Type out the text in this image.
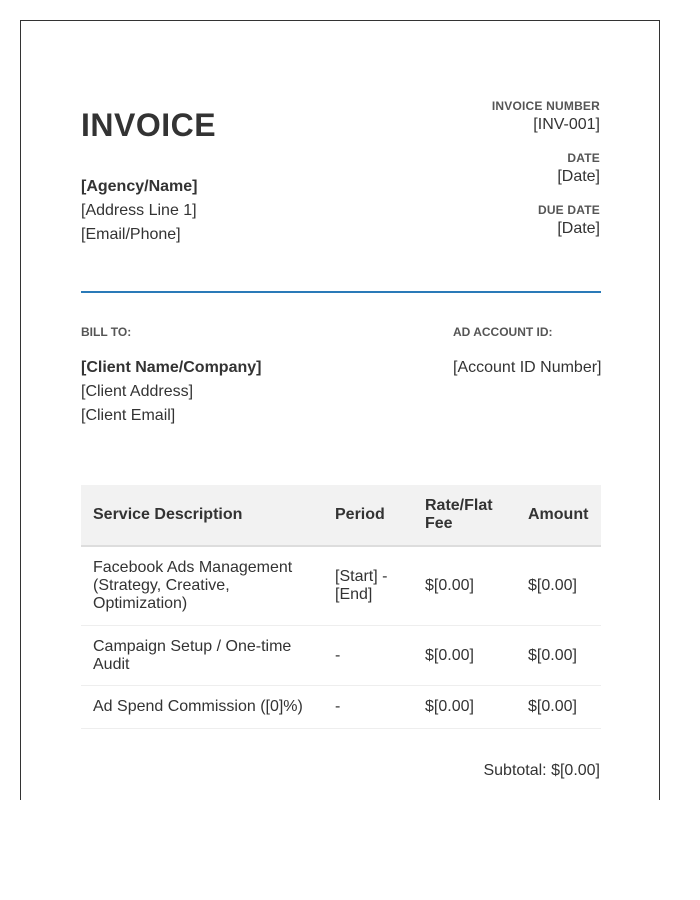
INVOICE
[Agency/Name]
[Address Line 1]
[Email/Phone]
INVOICE NUMBER
[INV-001]
DATE
[Date]
DUE DATE
[Date]
BILL TO:
[Client Name/Company]
[Client Address]
[Client Email]
AD ACCOUNT ID:
[Account ID Number]
Service Description	Period	Rate/Flat Fee	Amount
Facebook Ads Management (Strategy, Creative, Optimization)	[Start] - [End]	$[0.00]	$[0.00]
Campaign Setup / One-time Audit	-	$[0.00]	$[0.00]
Ad Spend Commission ([0]%)	-	$[0.00]	$[0.00]
Subtotal: $[0.00]
